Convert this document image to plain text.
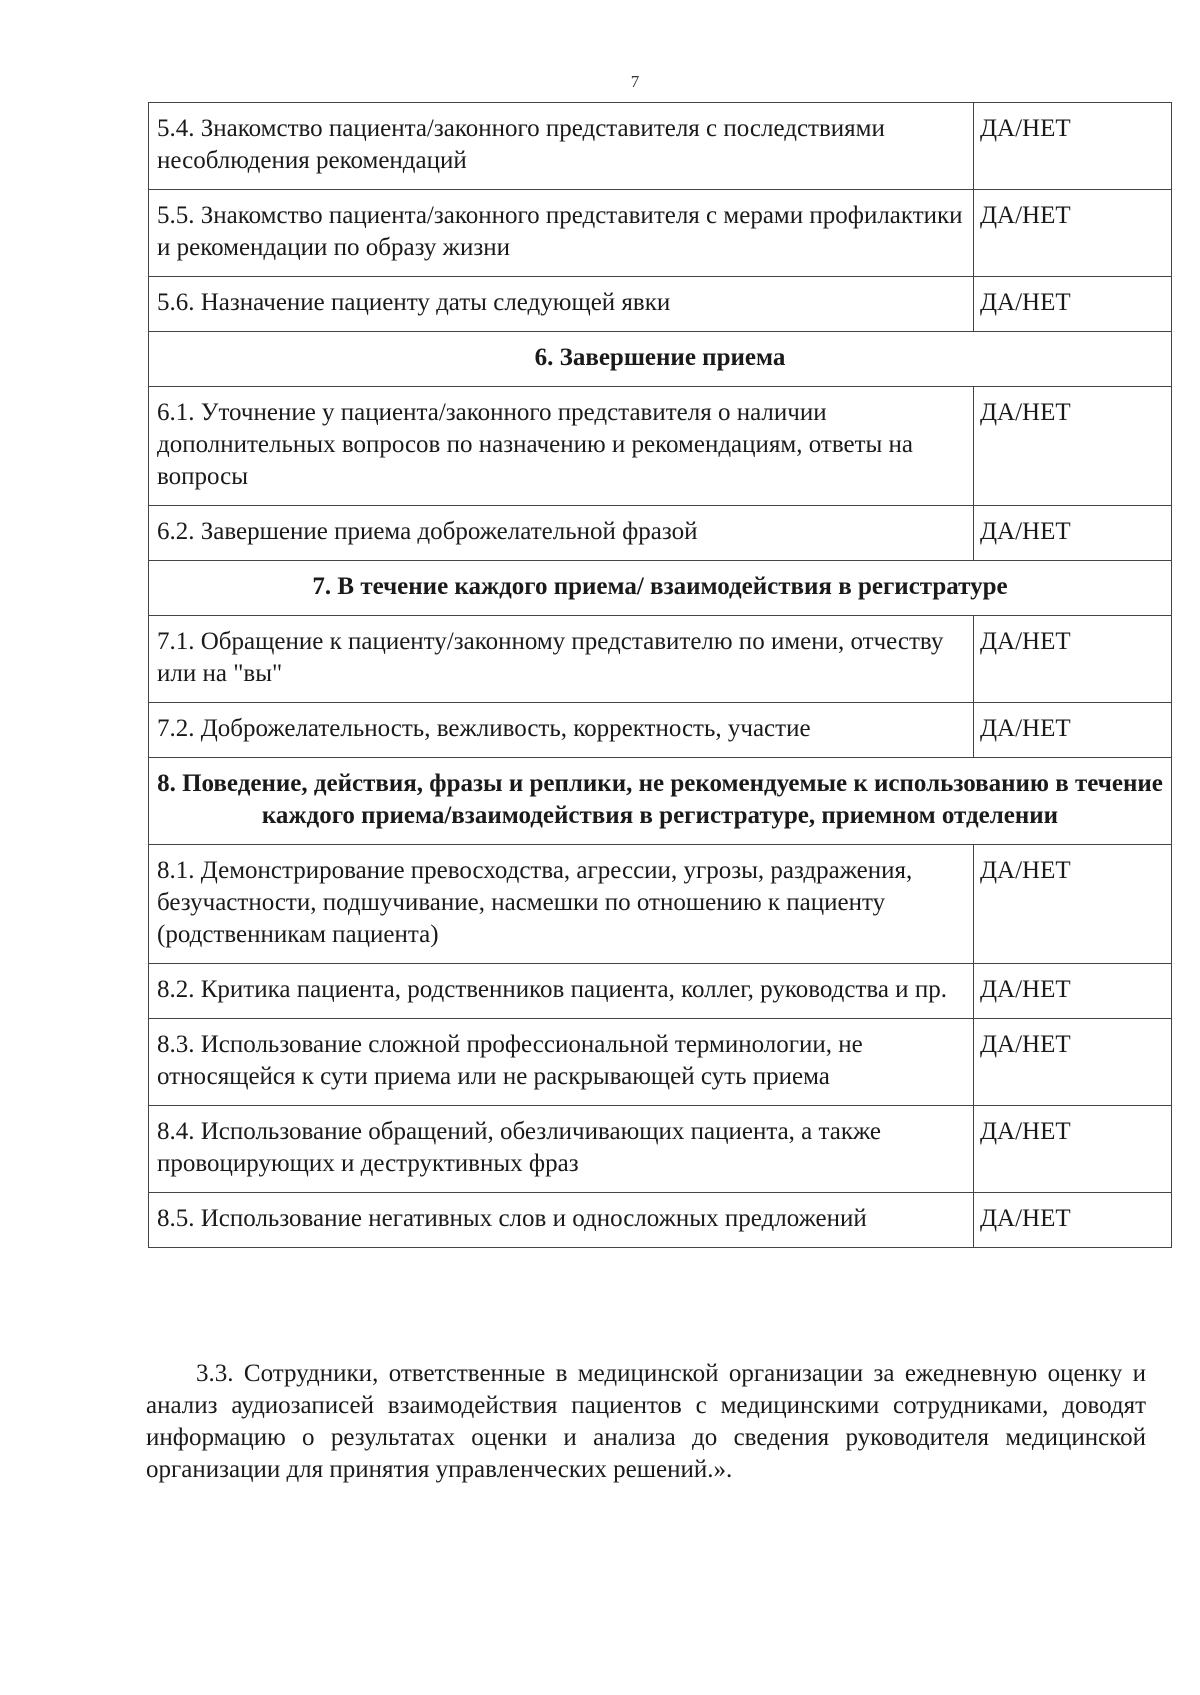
7
5.4. Знакомство пациента/законного представителя с последствиями несоблюдения рекомендаций	ДА/НЕТ
5.5. Знакомство пациента/законного представителя с мерами профилактики и рекомендации по образу жизни	ДА/НЕТ
5.6. Назначение пациенту даты следующей явки	ДА/НЕТ
6. Завершение приема	
6.1. Уточнение у пациента/законного представителя о наличии дополнительных вопросов по назначению и рекомендациям, ответы на вопросы	ДА/НЕТ
6.2. Завершение приема доброжелательной фразой	ДА/НЕТ
7. В течение каждого приема/ взаимодействия в регистратуре	
7.1. Обращение к пациенту/законному представителю по имени, отчеству или на "вы"	ДА/НЕТ
7.2. Доброжелательность, вежливость, корректность, участие	ДА/НЕТ
8. Поведение, действия, фразы и реплики, не рекомендуемые к использованию в течение каждого приема/взаимодействия в регистратуре, приемном отделении	
8.1. Демонстрирование превосходства, агрессии, угрозы, раздражения, безучастности, подшучивание, насмешки по отношению к пациенту (родственникам пациента)	ДА/НЕТ
8.2. Критика пациента, родственников пациента, коллег, руководства и пр.	ДА/НЕТ
8.3. Использование сложной профессиональной терминологии, не относящейся к сути приема или не раскрывающей суть приема	ДА/НЕТ
8.4. Использование обращений, обезличивающих пациента, а также провоцирующих и деструктивных фраз	ДА/НЕТ
8.5. Использование негативных слов и односложных предложений	ДА/НЕТ

3.3. Сотрудники, ответственные в медицинской организации за ежедневную оценку и анализ аудиозаписей взаимодействия пациентов с медицинскими сотрудниками, доводят информацию о результатах оценки и анализа до сведения руководителя медицинской организации для принятия управленческих решений.».
